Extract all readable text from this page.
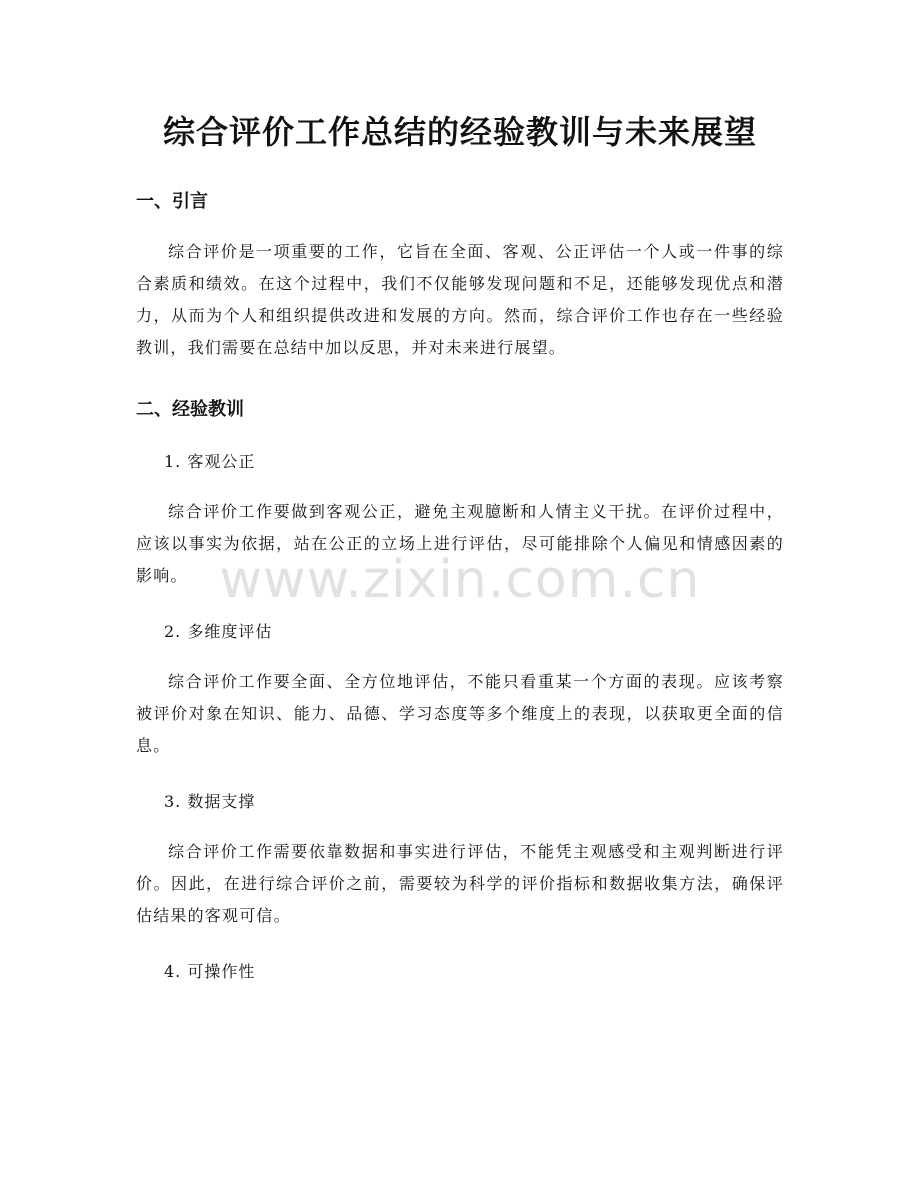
综合评价工作总结的经验教训与未来展望
一、引言

综合评价是一项重要的工作，它旨在全面、客观、公正评估一个人或一件事的综合素质和绩效。在这个过程中，我们不仅能够发现问题和不足，还能够发现优点和潜力，从而为个人和组织提供改进和发展的方向。然而，综合评价工作也存在一些经验教训，我们需要在总结中加以反思，并对未来进行展望。

二、经验教训

1. 客观公正

综合评价工作要做到客观公正，避免主观臆断和人情主义干扰。在评价过程中，应该以事实为依据，站在公正的立场上进行评估，尽可能排除个人偏见和情感因素的影响。

2. 多维度评估

综合评价工作要全面、全方位地评估，不能只看重某一个方面的表现。应该考察被评价对象在知识、能力、品德、学习态度等多个维度上的表现，以获取更全面的信息。

3. 数据支撑

综合评价工作需要依靠数据和事实进行评估，不能凭主观感受和主观判断进行评价。因此，在进行综合评价之前，需要较为科学的评价指标和数据收集方法，确保评估结果的客观可信。

4. 可操作性

www.zixin.com.cn
